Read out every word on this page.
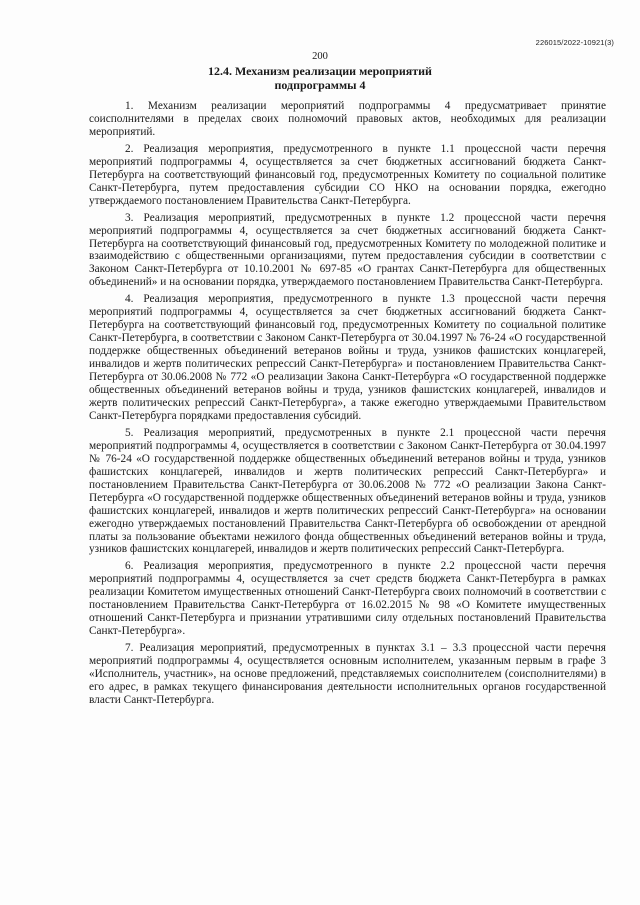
226015/2022-10921(3)
200
12.4. Механизм реализации мероприятий
подпрограммы 4

1. Механизм реализации мероприятий подпрограммы 4 предусматривает принятие соисполнителями в пределах своих полномочий правовых актов, необходимых для реализации мероприятий.

2. Реализация мероприятия, предусмотренного в пункте 1.1 процессной части перечня мероприятий подпрограммы 4, осуществляется за счет бюджетных ассигнований бюджета Санкт-Петербурга на соответствующий финансовый год, предусмотренных Комитету по социальной политике Санкт-Петербурга, путем предоставления субсидии СО НКО на основании порядка, ежегодно утверждаемого постановлением Правительства Санкт-Петербурга.

3. Реализация мероприятий, предусмотренных в пункте 1.2 процессной части перечня мероприятий подпрограммы 4, осуществляется за счет бюджетных ассигнований бюджета Санкт-Петербурга на соответствующий финансовый год, предусмотренных Комитету по молодежной политике и взаимодействию с общественными организациями, путем предоставления субсидии в соответствии с Законом Санкт-Петербурга от 10.10.2001 № 697-85 «О грантах Санкт-Петербурга для общественных объединений» и на основании порядка, утверждаемого постановлением Правительства Санкт-Петербурга.

4. Реализация мероприятия, предусмотренного в пункте 1.3 процессной части перечня мероприятий подпрограммы 4, осуществляется за счет бюджетных ассигнований бюджета Санкт-Петербурга на соответствующий финансовый год, предусмотренных Комитету по социальной политике Санкт-Петербурга, в соответствии с Законом Санкт-Петербурга от 30.04.1997 № 76-24 «О государственной поддержке общественных объединений ветеранов войны и труда, узников фашистских концлагерей, инвалидов и жертв политических репрессий Санкт-Петербурга» и постановлением Правительства Санкт-Петербурга от 30.06.2008 № 772 «О реализации Закона Санкт-Петербурга «О государственной поддержке общественных объединений ветеранов войны и труда, узников фашистских концлагерей, инвалидов и жертв политических репрессий Санкт-Петербурга», а также ежегодно утверждаемыми Правительством Санкт-Петербурга порядками предоставления субсидий.

5. Реализация мероприятий, предусмотренных в пункте 2.1 процессной части перечня мероприятий подпрограммы 4, осуществляется в соответствии с Законом Санкт-Петербурга от 30.04.1997 № 76-24 «О государственной поддержке общественных объединений ветеранов войны и труда, узников фашистских концлагерей, инвалидов и жертв политических репрессий Санкт-Петербурга» и постановлением Правительства Санкт-Петербурга от 30.06.2008 № 772 «О реализации Закона Санкт-Петербурга «О государственной поддержке общественных объединений ветеранов войны и труда, узников фашистских концлагерей, инвалидов и жертв политических репрессий Санкт-Петербурга» на основании ежегодно утверждаемых постановлений Правительства Санкт-Петербурга об освобождении от арендной платы за пользование объектами нежилого фонда общественных объединений ветеранов войны и труда, узников фашистских концлагерей, инвалидов и жертв политических репрессий Санкт-Петербурга.

6. Реализация мероприятия, предусмотренного в пункте 2.2 процессной части перечня мероприятий подпрограммы 4, осуществляется за счет средств бюджета Санкт-Петербурга в рамках реализации Комитетом имущественных отношений Санкт-Петербурга своих полномочий в соответствии с постановлением Правительства Санкт-Петербурга от 16.02.2015 № 98 «О Комитете имущественных отношений Санкт-Петербурга и признании утратившими силу отдельных постановлений Правительства Санкт-Петербурга».

7. Реализация мероприятий, предусмотренных в пунктах 3.1 – 3.3 процессной части перечня мероприятий подпрограммы 4, осуществляется основным исполнителем, указанным первым в графе 3 «Исполнитель, участник», на основе предложений, представляемых соисполнителем (соисполнителями) в его адрес, в рамках текущего финансирования деятельности исполнительных органов государственной власти Санкт-Петербурга.
